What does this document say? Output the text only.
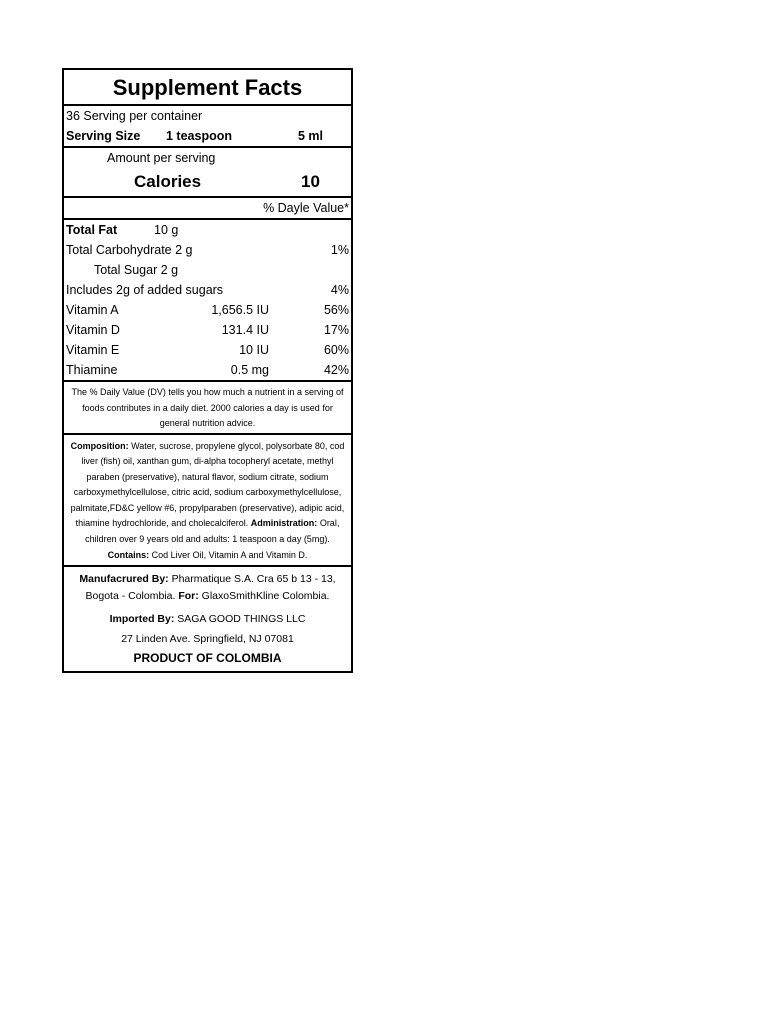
Supplement Facts
36 Serving per container
Serving Size 1 teaspoon	5 ml
Amount per serving
Calories	10
% Dayle Value*
Total Fat	10 g
Total Carbohydrate 2 g	1%
Total Sugar 2 g
Includes 2g of added sugars	4%
Vitamin A	1,656.5 IU	56%
Vitamin D	131.4 IU	17%
Vitamin E	10 IU	60%
Thiamine	0.5 mg	42%
The % Daily Value (DV) tells you how much a nutrient in a serving of foods contributes in a daily diet. 2000 calories a day is used for general nutrition advice.
Composition: Water, sucrose, propylene glycol, polysorbate 80, cod liver (fish) oil, xanthan gum, di-alpha tocopheryl acetate, methyl paraben (preservative), natural flavor, sodium citrate, sodium carboxymethylcellulose, citric acid, sodium carboxymethylcellulose, palmitate,FD&C yellow #6, propylparaben (preservative), adipic acid, thiamine hydrochloride, and cholecalciferol. Administration: Oral, children over 9 years old and adults: 1 teaspoon a day (5mg). Contains: Cod Liver Oil, Vitamin A and Vitamin D.

Manufacrured By: Pharmatique S.A. Cra 65 b 13 - 13, Bogota - Colombia. For: GlaxoSmithKline Colombia.

Imported By: SAGA GOOD THINGS LLC

27 Linden Ave. Springfield, NJ 07081

PRODUCT OF COLOMBIA
